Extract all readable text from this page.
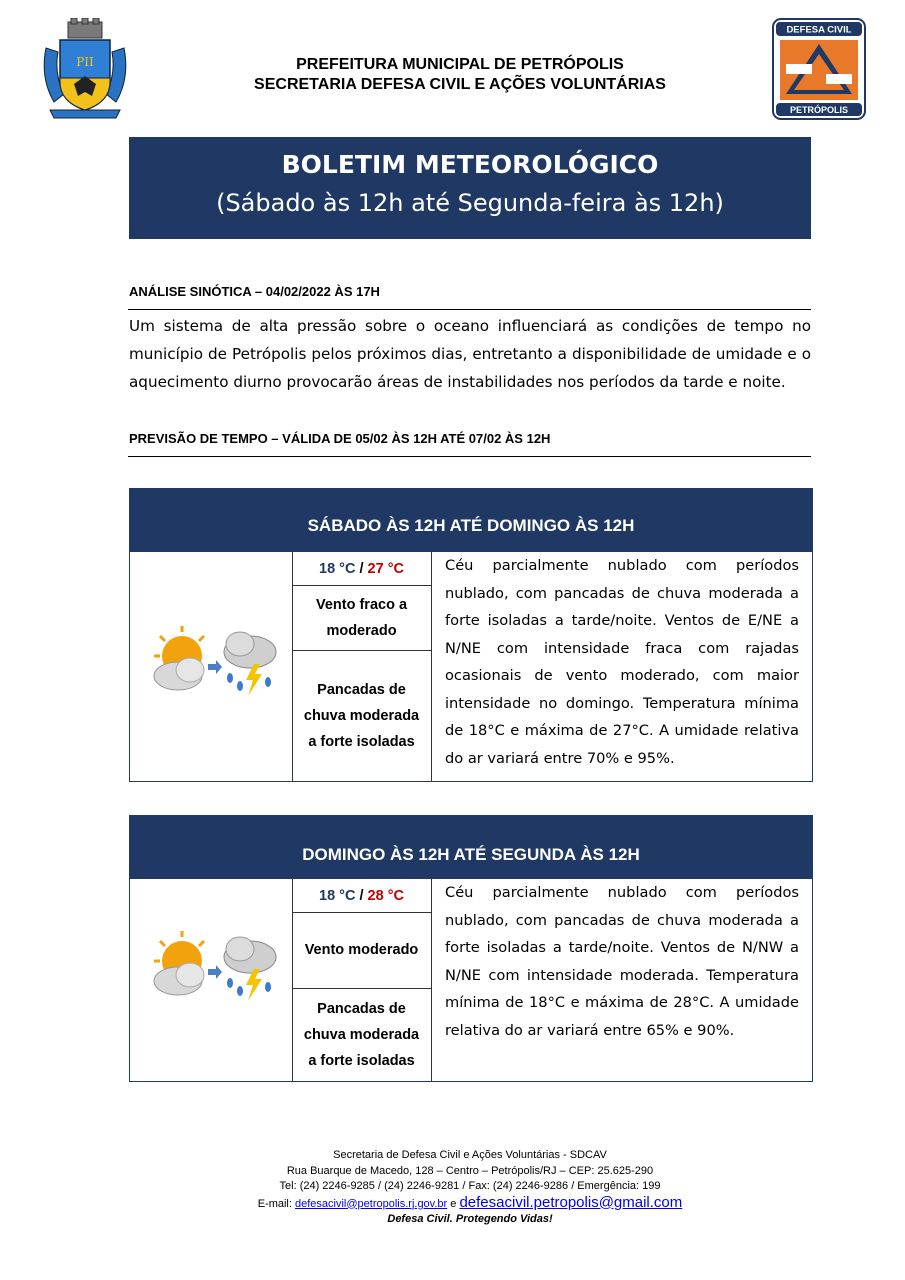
PII	PREFEITURA MUNICIPAL DE PETRÓPOLIS
SECRETARIA DEFESA CIVIL E AÇÕES VOLUNTÁRIAS
DEFESA CIVIL
PETRÓPOLIS
BOLETIM METEOROLÓGICO
(Sábado às 12h até Segunda-feira às 12h)
ANÁLISE SINÓTICA – 04/02/2022 ÀS 17H
Um sistema de alta pressão sobre o oceano influenciará as condições de tempo no município de Petrópolis pelos próximos dias, entretanto a disponibilidade de umidade e o aquecimento diurno provocarão áreas de instabilidades nos períodos da tarde e noite.
PREVISÃO DE TEMPO – VÁLIDA DE 05/02 ÀS 12H ATÉ 07/02 ÀS 12H
SÁBADO ÀS 12H ATÉ DOMINGO ÀS 12H
18 °C
/
27 °C
Vento fraco a moderado
Pancadas de chuva moderada a forte isoladas
Céu parcialmente nublado com períodos nublado, com pancadas de chuva moderada a forte isoladas a tarde/noite. Ventos de E/NE a N/NE com intensidade fraca com rajadas ocasionais de vento moderado, com maior intensidade no domingo. Temperatura mínima de 18°C e máxima de 27°C. A umidade relativa do ar variará entre 70% e 95%.
DOMINGO ÀS 12H ATÉ SEGUNDA ÀS 12H
18 °C
/
28 °C
Vento moderado
Pancadas de chuva moderada a forte isoladas
Céu parcialmente nublado com períodos nublado, com pancadas de chuva moderada a forte isoladas a tarde/noite. Ventos de N/NW a N/NE com intensidade moderada. Temperatura mínima de 18°C e máxima de 28°C. A umidade relativa do ar variará entre 65% e 90%.
Secretaria de Defesa Civil e Ações Voluntárias - SDCAV
Rua Buarque de Macedo, 128 – Centro – Petrópolis/RJ – CEP: 25.625-290
Tel: (24) 2246-9285 / (24) 2246-9281 / Fax: (24) 2246-9286 / Emergência: 199
E-mail: defesacivil@petropolis.rj.gov.br e defesacivil.petropolis@gmail.com
Defesa Civil. Protegendo Vidas!
